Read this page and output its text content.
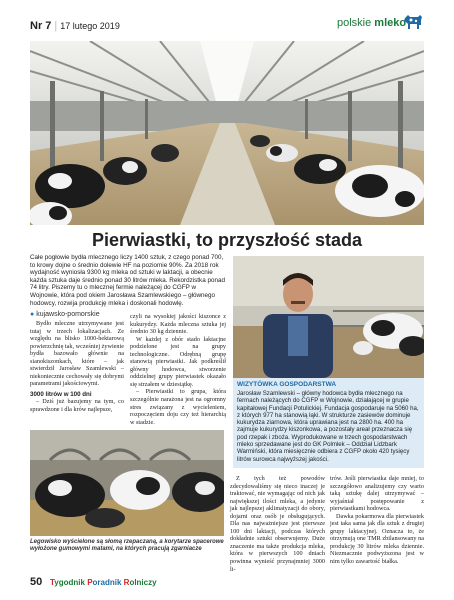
Nr 7 | 17 lutego 2019	polskie mleko
Pierwiastki, to przyszłość stada
Całe pogłowie bydła mlecznego liczy 1400 sztuk, z czego ponad 700, to krowy dojne o średnio dolewie HF na poziomie 90%. Za 2018 rok wydajność wyniosła 9300 kg mleka od sztuki w laktacji, a obecnie każda sztuka daje średnio ponad 30 litrów mleka. Rekordzistka ponad 74 litry. Piszemy tu o mlecznej fermie należącej do CGFP w Wojnowie, która pod okiem Jarosława Szamlewskiego – głównego hodowcy, rozwija produkcję mleka i doskonali hodowlę.
● kujawsko-pomorskie

Bydło mleczne utrzymywane jest tutaj w trzech lokalizacjach. Ze względu na blisko 1000-hektarową powierzchnię tak, wcześniej żywienie bydła bazowało głównie na sianokiszonkach, które – jak stwierdził Jarosław Szamlewski – niekoniecznie cechowały się dobrymi parametrami jakościowymi.

3000 litrów w 100 dni

– Dziś już bazujemy na tym, co sprawdzone i dla krów najlepsze,

czyli na wysokiej jakości kiszonce z kukurydzy. Każda mleczna sztuka jej średnio 30 kg dziennie.

W każdej z obór stado łaktacjne podzielone jest na grupy technologiczne. Odrębną grupę stanowią pierwiastki. Jak podkreślił główny hodowca, stworzenie oddzielnej grupy pierwiastek okazało się strzałem w dziesiątkę.

– Pierwiastki to grupa, która szczególnie narażona jest na ogromny stres związany z wycieleniem, rozpoczęciem doju czy też hierarchią w stadzie.

WIZYTÓWKA GOSPODARSTWA
Jarosław Szamlewski – główny hodowca bydła mlecznego na fermach należących do CGFP w Wojnowie, działającej w grupie kapitałowej Fundacji Potulickiej. Fundacja gospodaruje na 5060 ha, z których 977 ha stanowią łąki. W strukturze zasiewów dominuje kukurydza ziarnowa, która uprawiana jest na 2800 ha. 400 ha zajmuje kukurydzy kiszonkowa, a pozostały areał przeznacza się pod rzepak i zboża. Wyprodukowane w trzech gospodarstwach mleko sprzedawane jest do GK Polmlek – Oddział Lidzbark Warmiński, która miesięcznie odbiera z CGFP około 420 tysięcy litrów surowca najwyższej jakości.
Legowisko wyścielone są słomą rzepaczaną, a korytarze spacerowe wyłożone gumowymi matami, na których pracują zgarniacze

Z tych też powodów zdecydowaliśmy się nieco inaczej je traktować, nie wymagając od nich jak największej ilości mleka, a jedynie jak najlepszej aklimatyzacji do obory, dojarni oraz osób je obsługujących. Dla nas najważniejsze jest pierwsze 100 dni laktacji, podczas których dokładnie sztuki obserwujemy. Duże znaczenie ma także produkcja mleka, która w pierwszych 100 dniach powinna wynieść przynajmniej 3000 li-

trów. Jeśli pierwiastka daje mniej, to szczegółowo analizujemy czy warto taką sztukę dalej utrzymywać – wyjaśniał postępowanie z pierwiastkami hodowca.

Dawka pokarmowa dla pierwiastek jest taka sama jak dla sztuk z drugiej grupy laktacyjnej. Oznacza to, że otrzymują one TMR zbilansowany na produkcję 30 litrów mleka dziennie. Niezmacznie podwyższona jest w nim tylko zawartość białka.

50 Tygodnik Poradnik Rolniczy
